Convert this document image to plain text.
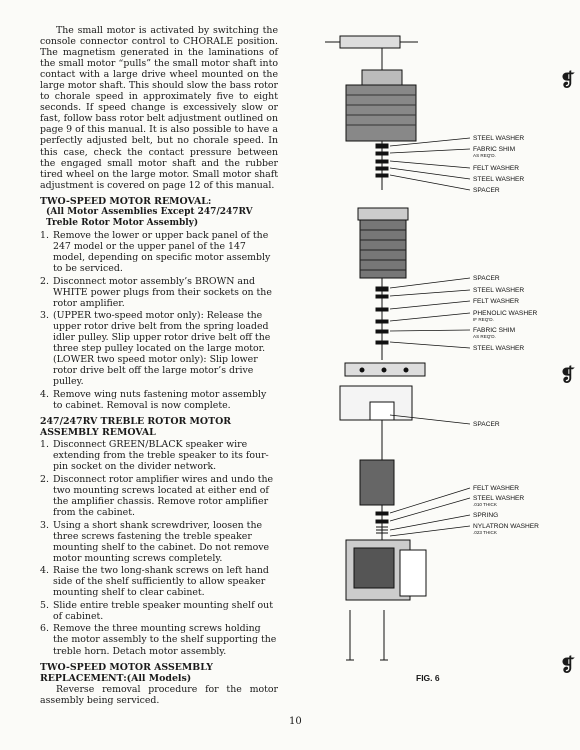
The small motor is activated by switching the console connector control to CHORALE position. The magnetism generated in the laminations of the small motor “pulls” the small motor shaft into contact with a large drive wheel mounted on the large motor shaft. This should slow the bass rotor to chorale speed in approximately five to eight seconds. If speed change is excessively slow or fast, follow bass rotor belt adjustment outlined on page 9 of this manual. It is also possible to have a perfectly adjusted belt, but no chorale speed. In this case, check the contact pressure between the engaged small motor shaft and the rubber tired wheel on the large motor. Small motor shaft adjustment is covered on page 12 of this manual.

TWO-SPEED MOTOR REMOVAL:

(All Motor Assemblies Except 247/247RV Treble Rotor Motor Assembly)

1. Remove the lower or upper back panel of the 247 model or the upper panel of the 147 model, depending on specific motor assembly to be serviced.
2. Disconnect motor assembly’s BROWN and WHITE power plugs from their sockets on the rotor amplifier.
3. (UPPER two-speed motor only): Release the upper rotor drive belt from the spring loaded idler pulley. Slip upper rotor drive belt off the three step pulley located on the large motor.
(LOWER two speed motor only): Slip lower rotor drive belt off the large motor’s drive pulley.
4. Remove wing nuts fastening motor assembly to cabinet. Removal is now complete.

247/247RV TREBLE ROTOR MOTOR ASSEMBLY REMOVAL

1. Disconnect GREEN/BLACK speaker wire extending from the treble speaker to its four-pin socket on the divider network.
2. Disconnect rotor amplifier wires and undo the two mounting screws located at either end of the amplifier chassis. Remove rotor amplifier from the cabinet.
3. Using a short shank screwdriver, loosen the three screws fastening the treble speaker mounting shelf to the cabinet. Do not remove motor mounting screws completely.
4. Raise the two long-shank screws on left hand side of the shelf sufficiently to allow speaker mounting shelf to clear cabinet.
5. Slide entire treble speaker mounting shelf out of cabinet.
6. Remove the three mounting screws holding the motor assembly to the shelf supporting the treble horn. Detach motor assembly.

TWO-SPEED MOTOR ASSEMBLY REPLACEMENT:(All Models)

Reverse removal procedure for the motor assembly being serviced.

STEEL WASHER
FABRIC SHIM
AS REQ'D.
FELT WASHER
STEEL WASHER
SPACER
SPACER
STEEL WASHER
FELT WASHER
PHENOLIC WASHER
IF REQ'D.
FABRIC SHIM
AS REQ'D.
STEEL WASHER
SPACER
FELT WASHER
STEEL WASHER
.010 THICK
SPRING
NYLATRON WASHER
.023 THICK
FIG. 6
10
❡
❡
❡
